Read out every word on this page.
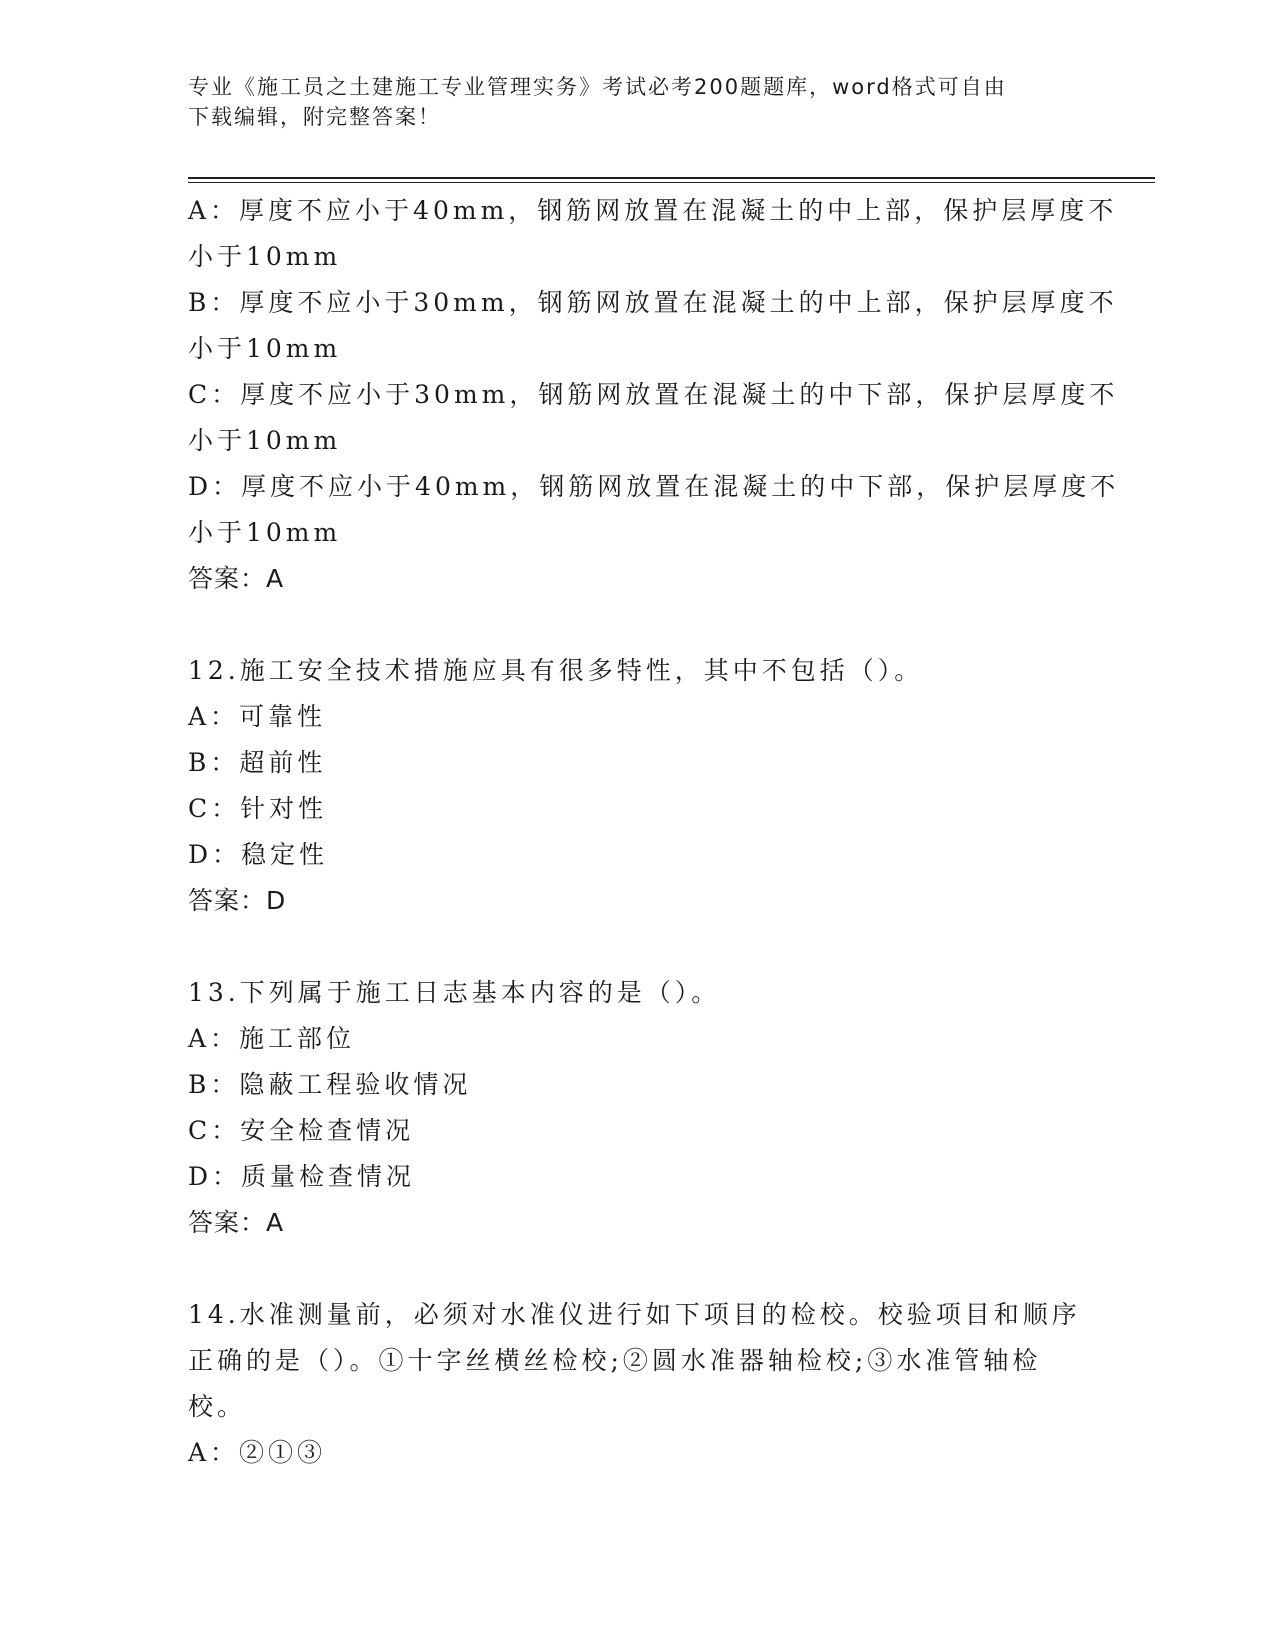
专业《施工员之土建施工专业管理实务》考试必考200题题库，word格式可自由
下载编辑，附完整答案！
A：厚度不应小于40mm，钢筋网放置在混凝土的中上部，保护层厚度不
小于10mm
B：厚度不应小于30mm，钢筋网放置在混凝土的中上部，保护层厚度不
小于10mm
C：厚度不应小于30mm，钢筋网放置在混凝土的中下部，保护层厚度不
小于10mm
D：厚度不应小于40mm，钢筋网放置在混凝土的中下部，保护层厚度不
小于10mm
答案：A
12.施工安全技术措施应具有很多特性，其中不包括（）。
A：可靠性
B：超前性
C：针对性
D：稳定性
答案：D
13.下列属于施工日志基本内容的是（）。
A：施工部位
B：隐蔽工程验收情况
C：安全检查情况
D：质量检查情况
答案：A
14.水准测量前，必须对水准仪进行如下项目的检校。校验项目和顺序
正确的是（）。①十字丝横丝检校;②圆水准器轴检校;③水准管轴检
校。
A：②①③
